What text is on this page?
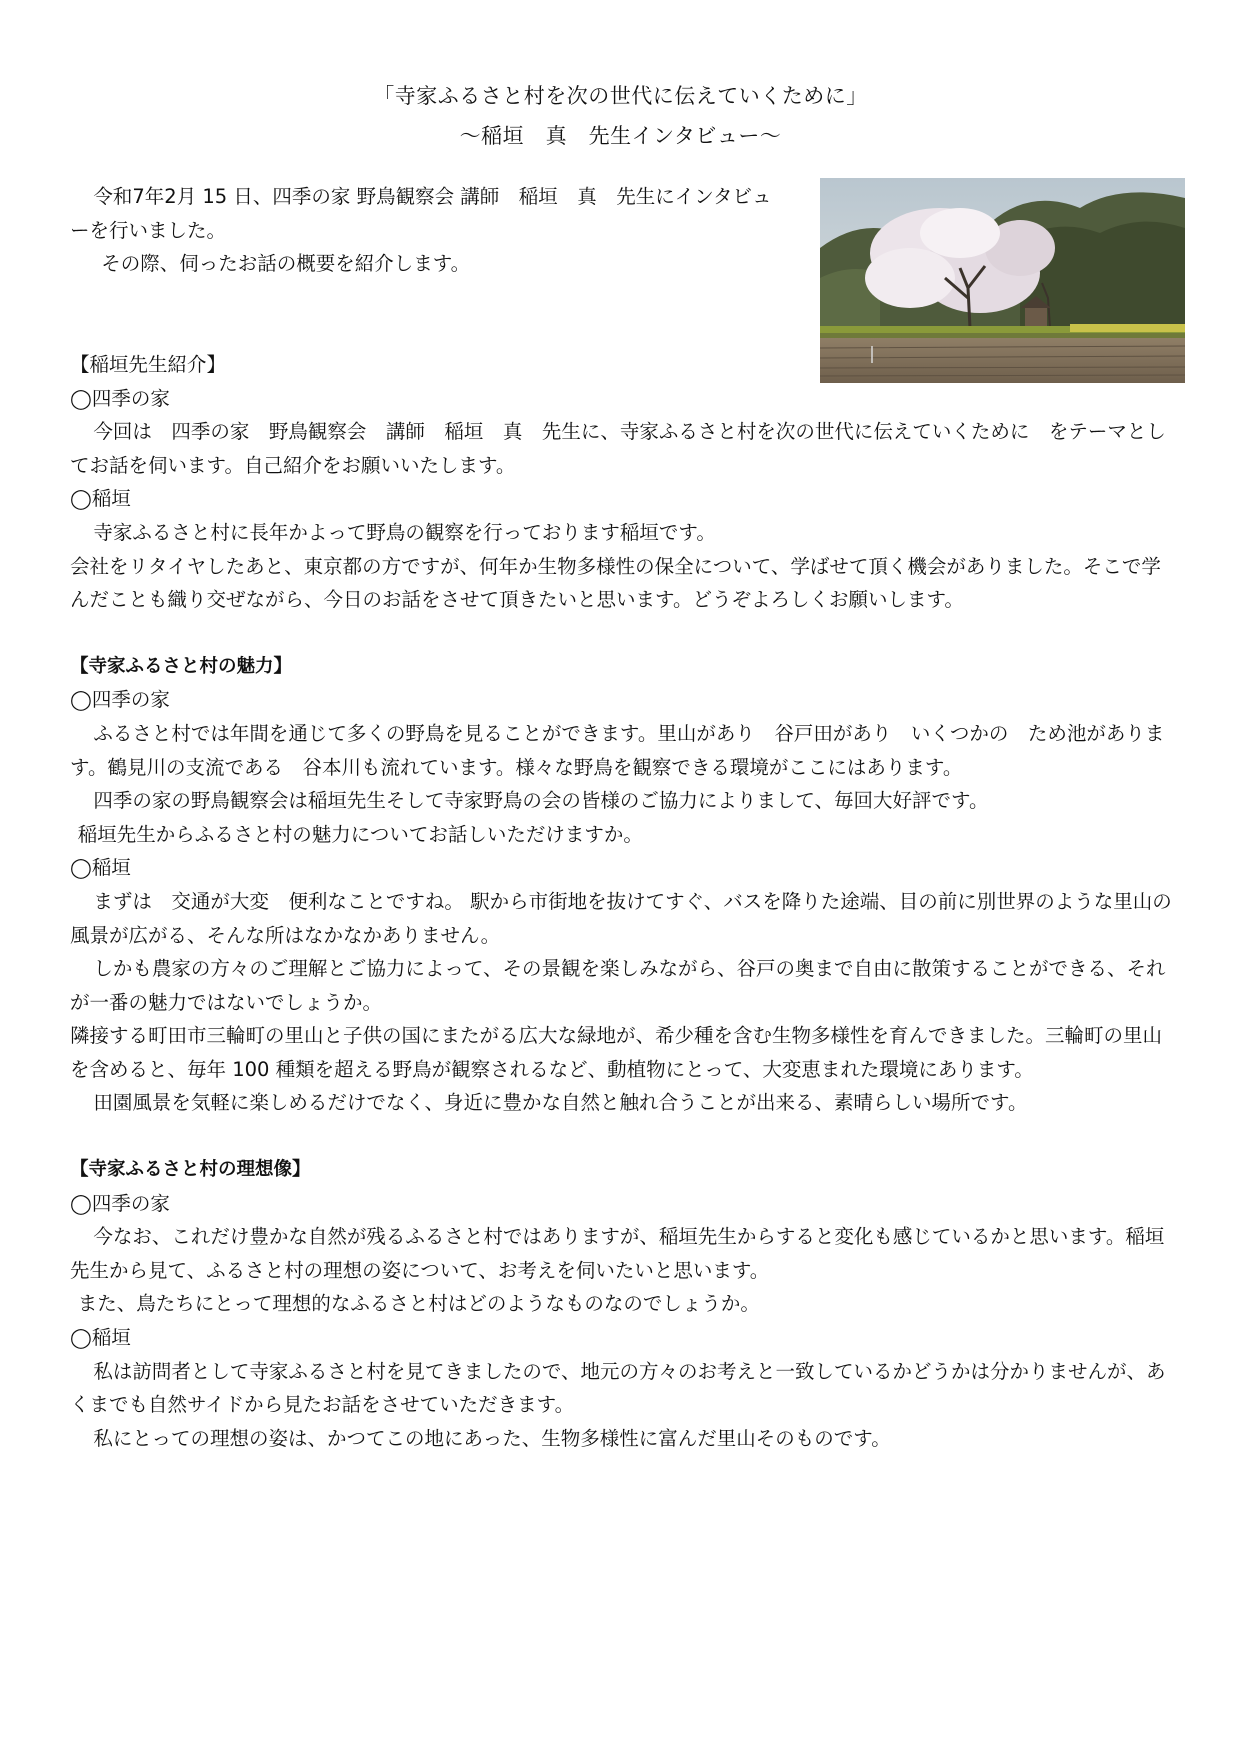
「寺家ふるさと村を次の世代に伝えていくために」
～稲垣　真　先生インタビュー～

令和7年2月 15 日、四季の家 野鳥観察会 講師　稲垣　真　先生にインタビューを行いました。

その際、伺ったお話の概要を紹介します。

【稲垣先生紹介】

◯四季の家

今回は　四季の家　野鳥観察会　講師　稲垣　真　先生に、寺家ふるさと村を次の世代に伝えていくために　をテーマとしてお話を伺います。自己紹介をお願いいたします。

◯稲垣

寺家ふるさと村に長年かよって野鳥の観察を行っております稲垣です。

会社をリタイヤしたあと、東京都の方ですが、何年か生物多様性の保全について、学ばせて頂く機会がありました。そこで学んだことも織り交ぜながら、今日のお話をさせて頂きたいと思います。どうぞよろしくお願いします。

【寺家ふるさと村の魅力】

◯四季の家

ふるさと村では年間を通じて多くの野鳥を見ることができます。里山があり　谷戸田があり　いくつかの　ため池があります。鶴見川の支流である　谷本川も流れています。様々な野鳥を観察できる環境がここにはあります。

四季の家の野鳥観察会は稲垣先生そして寺家野鳥の会の皆様のご協力によりまして、毎回大好評です。

稲垣先生からふるさと村の魅力についてお話しいただけますか。

◯稲垣

まずは　交通が大変　便利なことですね。 駅から市街地を抜けてすぐ、バスを降りた途端、目の前に別世界のような里山の風景が広がる、そんな所はなかなかありません。

しかも農家の方々のご理解とご協力によって、その景観を楽しみながら、谷戸の奥まで自由に散策することができる、それが一番の魅力ではないでしょうか。

隣接する町田市三輪町の里山と子供の国にまたがる広大な緑地が、希少種を含む生物多様性を育んできました。三輪町の里山を含めると、毎年 100 種類を超える野鳥が観察されるなど、動植物にとって、大変恵まれた環境にあります。

田園風景を気軽に楽しめるだけでなく、身近に豊かな自然と触れ合うことが出来る、素晴らしい場所です。

【寺家ふるさと村の理想像】

◯四季の家

今なお、これだけ豊かな自然が残るふるさと村ではありますが、稲垣先生からすると変化も感じているかと思います。稲垣先生から見て、ふるさと村の理想の姿について、お考えを伺いたいと思います。

また、鳥たちにとって理想的なふるさと村はどのようなものなのでしょうか。

◯稲垣

私は訪問者として寺家ふるさと村を見てきましたので、地元の方々のお考えと一致しているかどうかは分かりませんが、あくまでも自然サイドから見たお話をさせていただきます。

私にとっての理想の姿は、かつてこの地にあった、生物多様性に富んだ里山そのものです。
